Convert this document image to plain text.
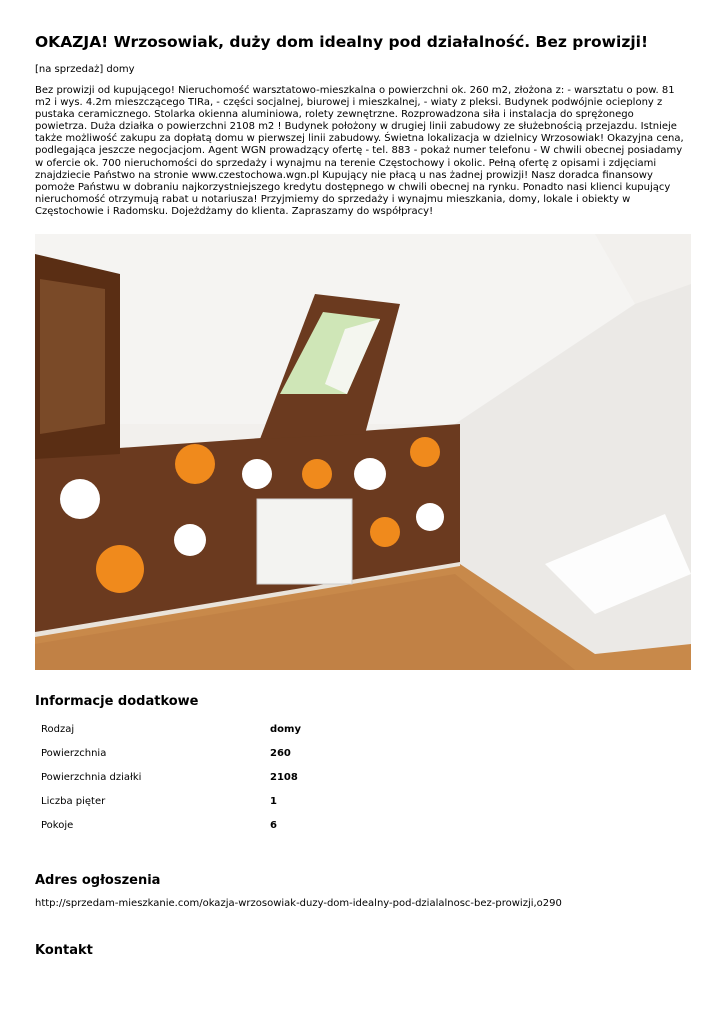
OKAZJA! Wrzosowiak, duży dom idealny pod działalność. Bez prowizji!
[na sprzedaż] domy

Bez prowizji od kupującego! Nieruchomość warsztatowo-mieszkalna o powierzchni ok. 260 m2, złożona z: - warsztatu o pow. 81 m2 i wys. 4.2m mieszczącego TIRa, - części socjalnej, biurowej i mieszkalnej, - wiaty z pleksi. Budynek podwójnie ocieplony z pustaka ceramicznego. Stolarka okienna aluminiowa, rolety zewnętrzne. Rozprowadzona siła i instalacja do sprężonego powietrza. Duża działka o powierzchni 2108 m2 ! Budynek położony w drugiej linii zabudowy ze służebnością przejazdu. Istnieje także możliwość zakupu za dopłatą domu w pierwszej linii zabudowy. Świetna lokalizacja w dzielnicy Wrzosowiak! Okazyjna cena, podlegająca jeszcze negocjacjom. Agent WGN prowadzący ofertę - tel. 883 - pokaż numer telefonu - W chwili obecnej posiadamy w ofercie ok. 700 nieruchomości do sprzedaży i wynajmu na terenie Częstochowy i okolic. Pełną ofertę z opisami i zdjęciami znajdziecie Państwo na stronie www.czestochowa.wgn.pl Kupujący nie płacą u nas żadnej prowizji! Nasz doradca finansowy pomoże Państwu w dobraniu najkorzystniejszego kredytu dostępnego w chwili obecnej na rynku. Ponadto nasi klienci kupujący nieruchomość otrzymują rabat u notariusza! Przyjmiemy do sprzedaży i wynajmu mieszkania, domy, lokale i obiekty w Częstochowie i Radomsku. Dojeżdżamy do klienta. Zapraszamy do współpracy!

Informacje dodatkowe
Rodzaj	domy
Powierzchnia	260
Powierzchnia działki	2108
Liczba pięter	1
Pokoje	6
Adres ogłoszenia
http://sprzedam-mieszkanie.com/okazja-wrzosowiak-duzy-dom-idealny-pod-dzialalnosc-bez-prowizji,o290
Kontakt
